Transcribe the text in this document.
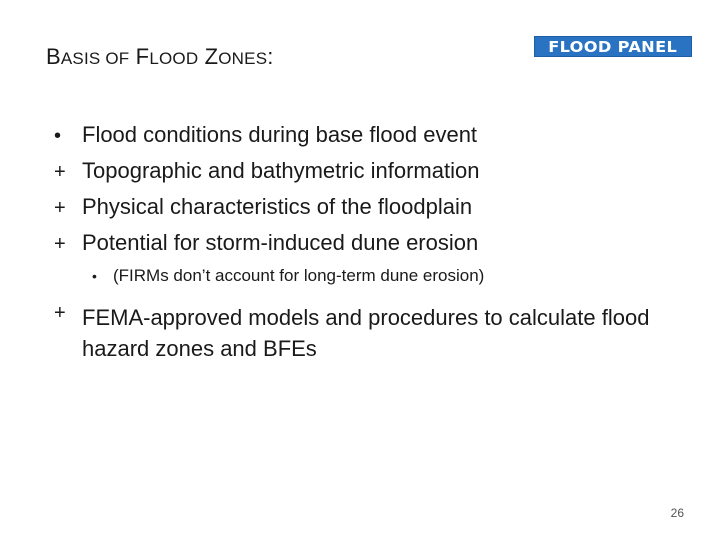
BASIS OF FLOOD ZONES:	FLOOD PANEL
• Flood conditions during base flood event
+ Topographic and bathymetric information
+ Physical characteristics of the floodplain
+ Potential for storm-induced dune erosion
• (FIRMs don’t account for long-term dune erosion)
+ FEMA-approved models and procedures to calculate flood hazard zones and BFEs
26
